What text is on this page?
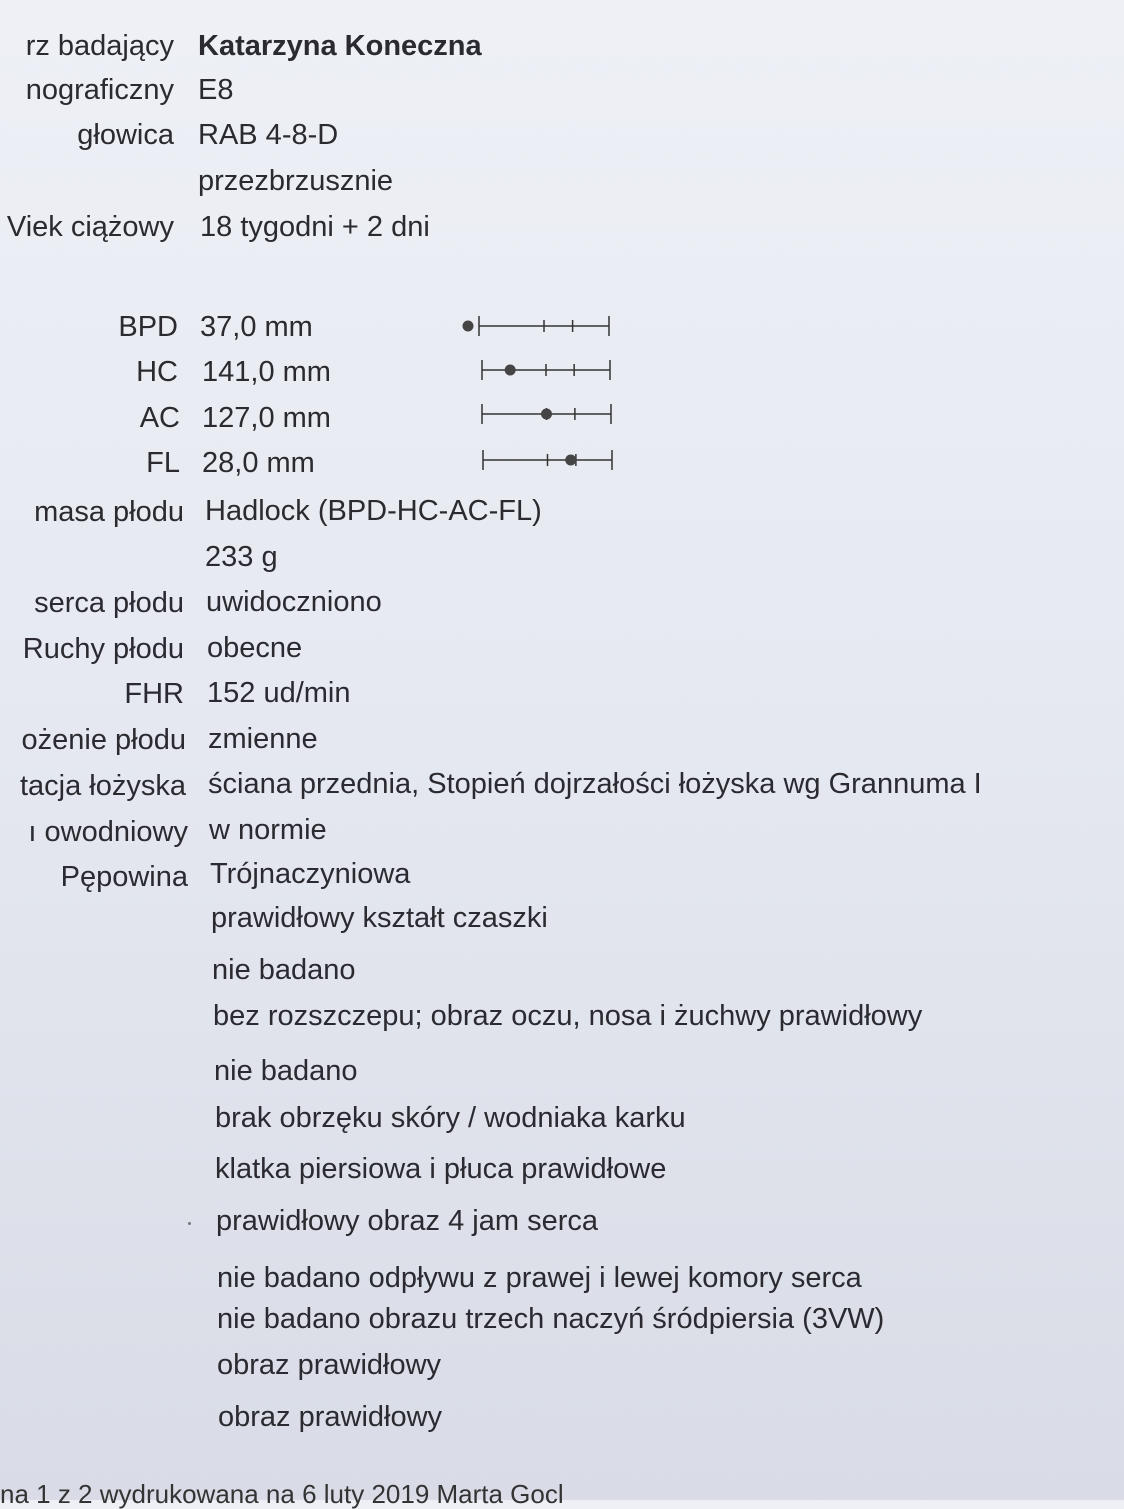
rz badający Katarzyna Koneczna
nograficzny E8
głowica RAB 4-8-D
przezbrzusznie
Viek ciążowy 18 tygodni + 2 dni
BPD 37,0 mm
HC 141,0 mm
AC 127,0 mm
FL 28,0 mm
masa płodu Hadlock (BPD-HC-AC-FL)
233 g
serca płodu uwidoczniono
Ruchy płodu obecne
FHR 152 ud/min
ożenie płodu zmienne
tacja łożyska ściana przednia, Stopień dojrzałości łożyska wg Grannuma I
ı owodniowy w normie
Pępowina Trójnaczyniowa
prawidłowy kształt czaszki
nie badano
bez rozszczepu; obraz oczu, nosa i żuchwy prawidłowy
nie badano
brak obrzęku skóry / wodniaka karku
klatka piersiowa i płuca prawidłowe
prawidłowy obraz 4 jam serca
nie badano odpływu z prawej i lewej komory serca
nie badano obrazu trzech naczyń śródpiersia (3VW)
obraz prawidłowy
obraz prawidłowy
na 1 z 2 wydrukowana na 6 luty 2019 Marta Gocl
